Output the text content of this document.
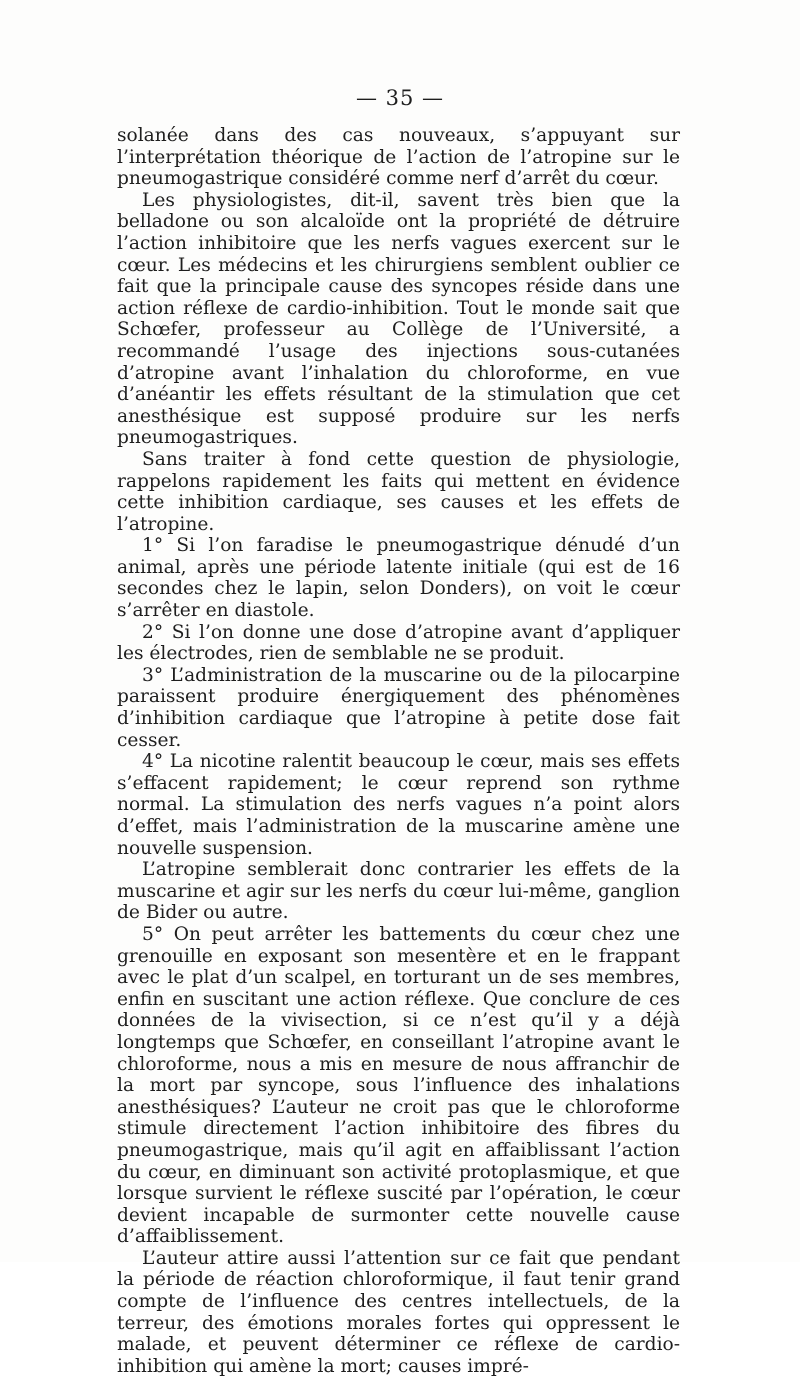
— 35 —

solanée dans des cas nouveaux, s’appuyant sur l’interprétation théorique de l’action de l’atropine sur le pneumogastrique considéré comme nerf d’arrêt du cœur.

Les physiologistes, dit-il, savent très bien que la belladone ou son alcaloïde ont la propriété de détruire l’action inhibitoire que les nerfs vagues exercent sur le cœur. Les médecins et les chirurgiens semblent oublier ce fait que la principale cause des syncopes réside dans une action réflexe de cardio-inhibition. Tout le monde sait que Schœfer, professeur au Collège de l’Université, a recommandé l’usage des injections sous-cutanées d’atropine avant l’inhalation du chloroforme, en vue d’anéantir les effets résultant de la stimulation que cet anesthésique est supposé produire sur les nerfs pneumogastriques.

Sans traiter à fond cette question de physiologie, rappelons rapidement les faits qui mettent en évidence cette inhibition cardiaque, ses causes et les effets de l’atropine.

1° Si l’on faradise le pneumogastrique dénudé d’un animal, après une période latente initiale (qui est de 16 secondes chez le lapin, selon Donders), on voit le cœur s’arrêter en diastole.

2° Si l’on donne une dose d’atropine avant d’appliquer les électrodes, rien de semblable ne se produit.

3° L’administration de la muscarine ou de la pilocarpine paraissent produire énergiquement des phénomènes d’inhibition cardiaque que l’atropine à petite dose fait cesser.

4° La nicotine ralentit beaucoup le cœur, mais ses effets s’effacent rapidement; le cœur reprend son rythme normal. La stimulation des nerfs vagues n’a point alors d’effet, mais l’administration de la muscarine amène une nouvelle suspension.

L’atropine semblerait donc contrarier les effets de la muscarine et agir sur les nerfs du cœur lui-même, ganglion de Bider ou autre.

5° On peut arrêter les battements du cœur chez une grenouille en exposant son mesentère et en le frappant avec le plat d’un scalpel, en torturant un de ses membres, enfin en suscitant une action réflexe. Que conclure de ces données de la vivisection, si ce n’est qu’il y a déjà longtemps que Schœfer, en conseillant l’atropine avant le chloroforme, nous a mis en mesure de nous affranchir de la mort par syncope, sous l’influence des inhalations anesthésiques? L’auteur ne croit pas que le chloroforme stimule directement l’action inhibitoire des fibres du pneumogastrique, mais qu’il agit en affaiblissant l’action du cœur, en diminuant son activité protoplasmique, et que lorsque survient le réflexe suscité par l’opération, le cœur devient incapable de surmonter cette nouvelle cause d’affaiblissement.

L’auteur attire aussi l’attention sur ce fait que pendant la période de réaction chloroformique, il faut tenir grand compte de l’influence des centres intellectuels, de la terreur, des émotions morales fortes qui oppressent le malade, et peuvent déterminer ce réflexe de cardio-inhibition qui amène la mort; causes impré-
